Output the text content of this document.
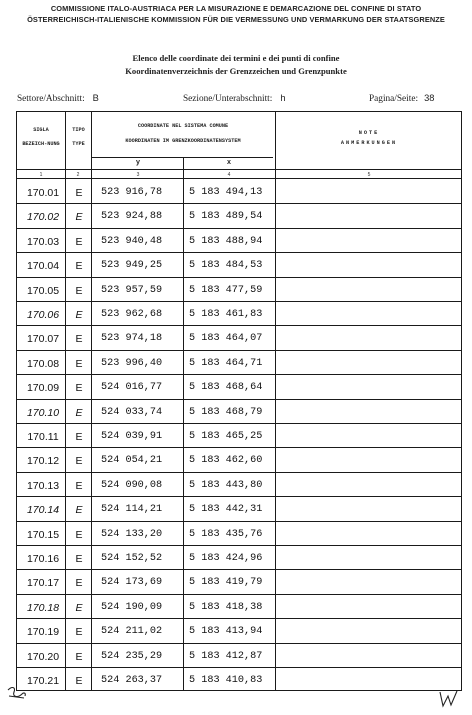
COMMISSIONE ITALO-AUSTRIACA PER LA MISURAZIONE E DEMARCAZIONE DEL CONFINE DI STATO
ÖSTERREICHISCH-ITALIENISCHE KOMMISSION FÜR DIE VERMESSUNG UND VERMARKUNG DER STAATSGRENZE
Elenco delle coordinate dei termini e dei punti di confine
Koordinatenverzeichnis der Grenzzeichen und Grenzpunkte
Settore/Abschnitt: B	Sezione/Unterabschnitt: h	Pagina/Seite: 38
SIGLA
BEZEICH-NUNG
TIPO
TYPE
COORDINATE NEL SISTEMA COMUNE
KOORDINATEN IM GRENZKOORDINATENSYSTEM
y	x
NOTE
ANMERKUNGEN
1	2	3	4	5
170.01	E	523 916,78	5 183 494,13
170.02	E	523 924,88	5 183 489,54
170.03	E	523 940,48	5 183 488,94
170.04	E	523 949,25	5 183 484,53
170.05	E	523 957,59	5 183 477,59
170.06	E	523 962,68	5 183 461,83
170.07	E	523 974,18	5 183 464,07
170.08	E	523 996,40	5 183 464,71
170.09	E	524 016,77	5 183 468,64
170.10	E	524 033,74	5 183 468,79
170.11	E	524 039,91	5 183 465,25
170.12	E	524 054,21	5 183 462,60
170.13	E	524 090,08	5 183 443,80
170.14	E	524 114,21	5 183 442,31
170.15	E	524 133,20	5 183 435,76
170.16	E	524 152,52	5 183 424,96
170.17	E	524 173,69	5 183 419,79
170.18	E	524 190,09	5 183 418,38
170.19	E	524 211,02	5 183 413,94
170.20	E	524 235,29	5 183 412,87
170.21	E	524 263,37	5 183 410,83
